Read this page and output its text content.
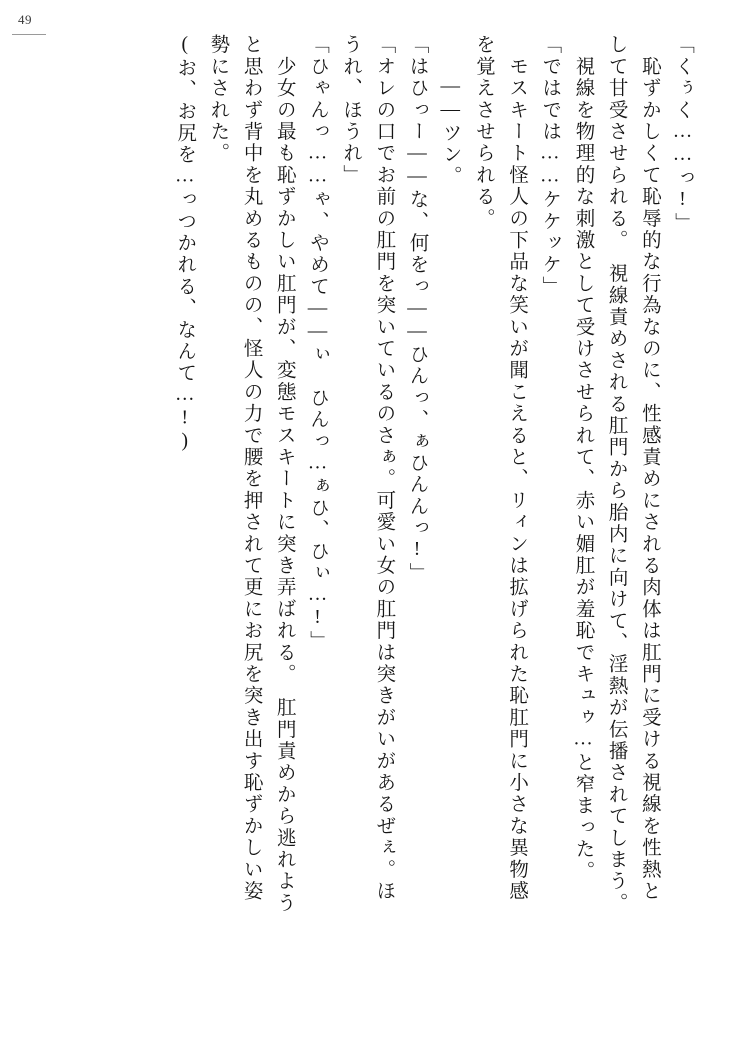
49
「くぅく……っ!」
　恥ずかしくて恥辱的な行為なのに、性感責めにされる肉体は肛門に受ける視線を性熱と
して甘受させられる。　視線責めされる肛門から胎内に向けて、淫熱が伝播されてしまう。
　視線を物理的な刺激として受けさせられて、赤い媚肛が羞恥でキュゥ…と窄まった。
「ではでは……ケケッケ」
　モスキート怪人の下品な笑いが聞こえると、リィンは拡げられた恥肛門に小さな異物感
を覚えさせられる。
　――ツン。
「はひっー――な、何をっ――ひんっ、ぁひんんっ!」
「オレの口でお前の肛門を突いているのさぁ。可愛い女の肛門は突きがいがあるぜぇ。ほ
うれ、ほうれ」
「ひゃんっ……ゃ、やめて――ぃ　ひんっ…ぁひ、ひぃ…!」
　少女の最も恥ずかしい肛門が、変態モスキートに突き弄ばれる。　肛門責めから逃れよう
と思わず背中を丸めるものの、怪人の力で腰を押されて更にお尻を突き出す恥ずかしい姿
勢にされた。
(お、お尻を…っつかれる、なんて…!)
